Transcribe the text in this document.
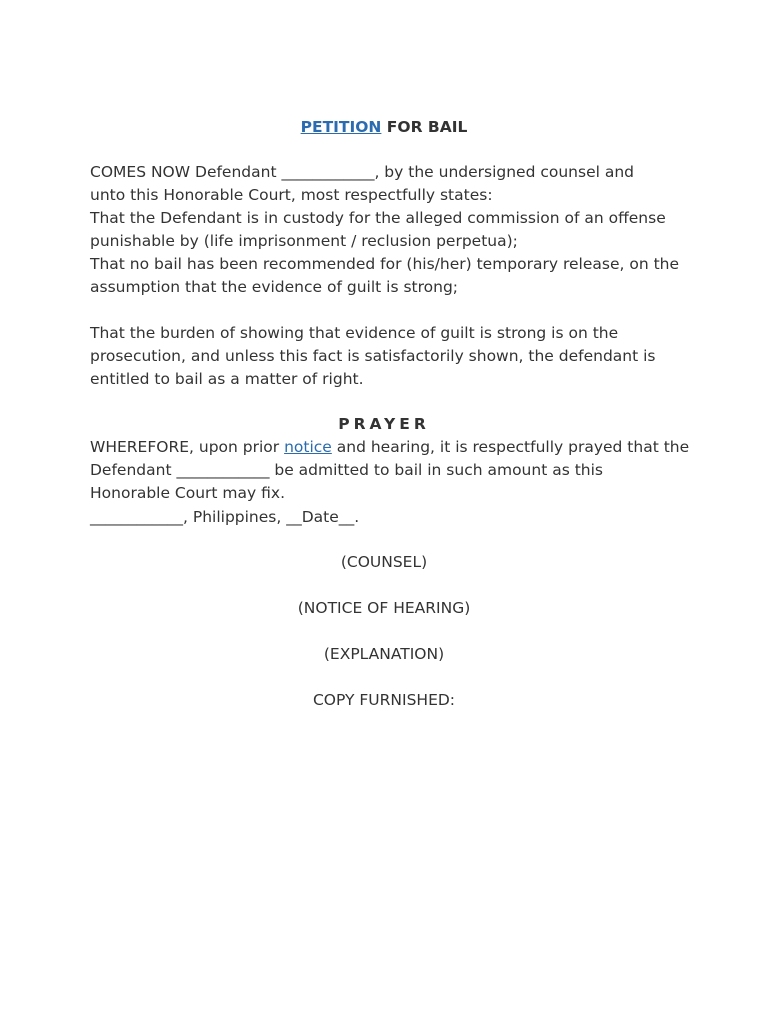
PETITION FOR BAIL

COMES NOW Defendant ____________, by the undersigned counsel and

unto this Honorable Court, most respectfully states:

That the Defendant is in custody for the alleged commission of an offense

punishable by (life imprisonment / reclusion perpetua);

That no bail has been recommended for (his/her) temporary release, on the

assumption that the evidence of guilt is strong;

That the burden of showing that evidence of guilt is strong is on the

prosecution, and unless this fact is satisfactorily shown, the defendant is

entitled to bail as a matter of right.

PRAYER

WHEREFORE, upon prior notice and hearing, it is respectfully prayed that the

Defendant ____________ be admitted to bail in such amount as this

Honorable Court may fix.

____________, Philippines, __Date__.

(COUNSEL)
(NOTICE OF HEARING)
(EXPLANATION)
COPY FURNISHED:
